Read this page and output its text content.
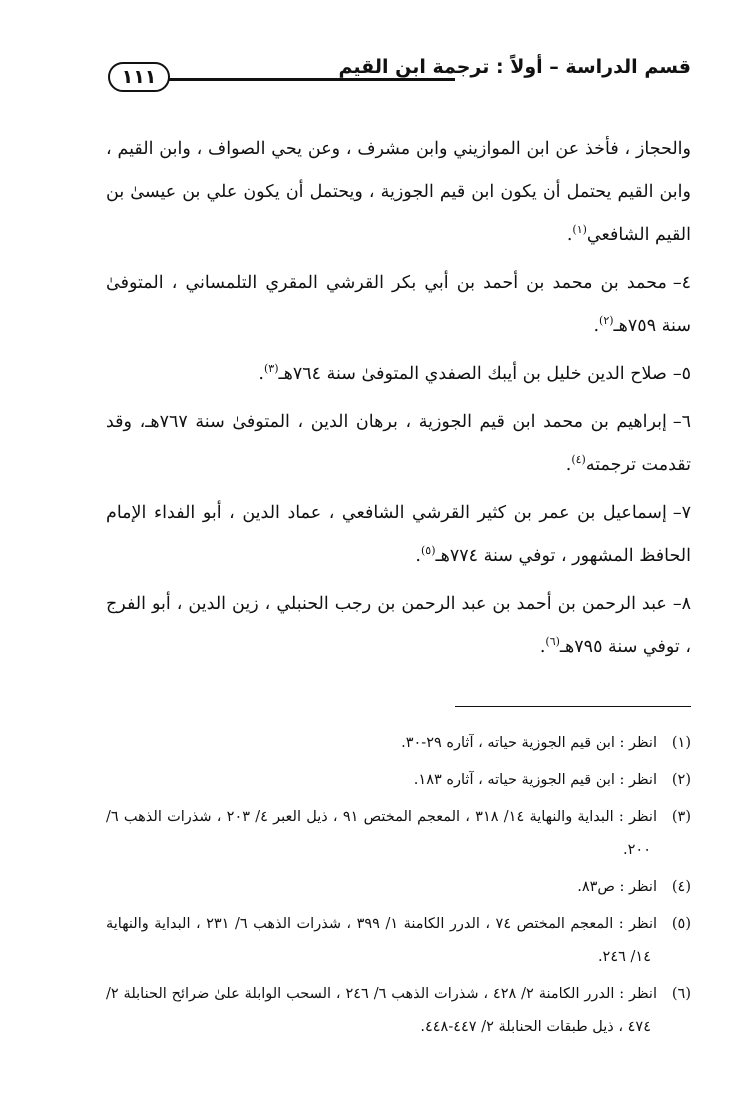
قسم الدراسة – أولاً : ترجمة ابن القيم
١١١

والحجاز ، فأخذ عن ابن الموازيني وابن مشرف ، وعن يحي الصواف ، وابن القيم ، وابن القيم يحتمل أن يكون ابن قيم الجوزية ، ويحتمل أن يكون علي بن عيسىٰ بن القيم الشافعي$^{(١)}$.

٤–محمد بن محمد بن أحمد بن أبي بكر القرشي المقري التلمساني ، المتوفىٰ سنة ٧٥٩هـ$^{(٢)}$.

٥–صلاح الدين خليل بن أيبك الصفدي المتوفىٰ سنة ٧٦٤هـ$^{(٣)}$.

٦–إبراهيم بن محمد ابن قيم الجوزية ، برهان الدين ، المتوفىٰ سنة ٧٦٧هـ، وقد تقدمت ترجمته$^{(٤)}$.

٧–إسماعيل بن عمر بن كثير القرشي الشافعي ، عماد الدين ، أبو الفداء الإمام الحافظ المشهور ، توفي سنة ٧٧٤هـ$^{(٥)}$.

٨–عبد الرحمن بن أحمد بن عبد الرحمن بن رجب الحنبلي ، زين الدين ، أبو الفرج ، توفي سنة ٧٩٥هـ$^{(٦)}$.

(١)انظر : ابن قيم الجوزية حياته ، آثاره ٢٩-٣٠.
(٢)انظر : ابن قيم الجوزية حياته ، آثاره ١٨٣.
(٣)انظر : البداية والنهاية ١٤/ ٣١٨ ، المعجم المختص ٩١ ، ذيل العبر ٤/ ٢٠٣ ، شذرات الذهب ٦/ ٢٠٠.
(٤)انظر : ص٨٣.
(٥)انظر : المعجم المختص ٧٤ ، الدرر الكامنة ١/ ٣٩٩ ، شذرات الذهب ٦/ ٢٣١ ، البداية والنهاية ١٤/ ٢٤٦.
(٦)انظر : الدرر الكامنة ٢/ ٤٢٨ ، شذرات الذهب ٦/ ٢٤٦ ، السحب الوابلة علىٰ ضرائح الحنابلة ٢/ ٤٧٤ ، ذيل طبقات الحنابلة ٢/ ٤٤٧-٤٤٨.
